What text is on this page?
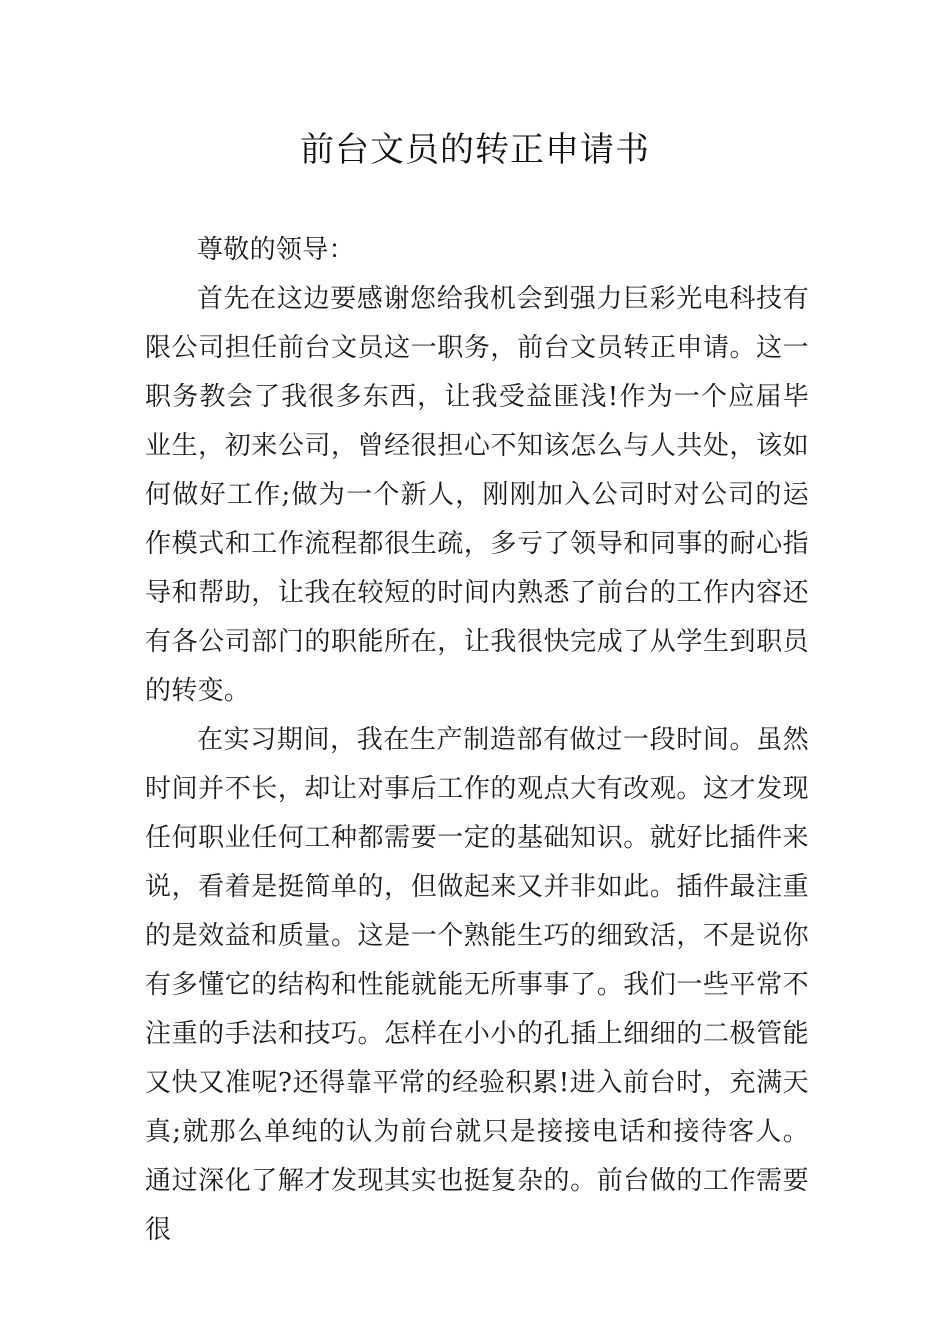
前台文员的转正申请书

尊敬的领导：

首先在这边要感谢您给我机会到强力巨彩光电科技有限公司担任前台文员这一职务，前台文员转正申请。这一职务教会了我很多东西，让我受益匪浅!作为一个应届毕业生，初来公司，曾经很担心不知该怎么与人共处，该如何做好工作;做为一个新人，刚刚加入公司时对公司的运作模式和工作流程都很生疏，多亏了领导和同事的耐心指导和帮助，让我在较短的时间内熟悉了前台的工作内容还有各公司部门的职能所在，让我很快完成了从学生到职员的转变。

在实习期间，我在生产制造部有做过一段时间。虽然时间并不长，却让对事后工作的观点大有改观。这才发现任何职业任何工种都需要一定的基础知识。就好比插件来说，看着是挺简单的，但做起来又并非如此。插件最注重的是效益和质量。这是一个熟能生巧的细致活，不是说你有多懂它的结构和性能就能无所事事了。我们一些平常不注重的手法和技巧。怎样在小小的孔插上细细的二极管能又快又准呢?还得靠平常的经验积累!进入前台时，充满天真;就那么单纯的认为前台就只是接接电话和接待客人。通过深化了解才发现其实也挺复杂的。前台做的工作需要很
